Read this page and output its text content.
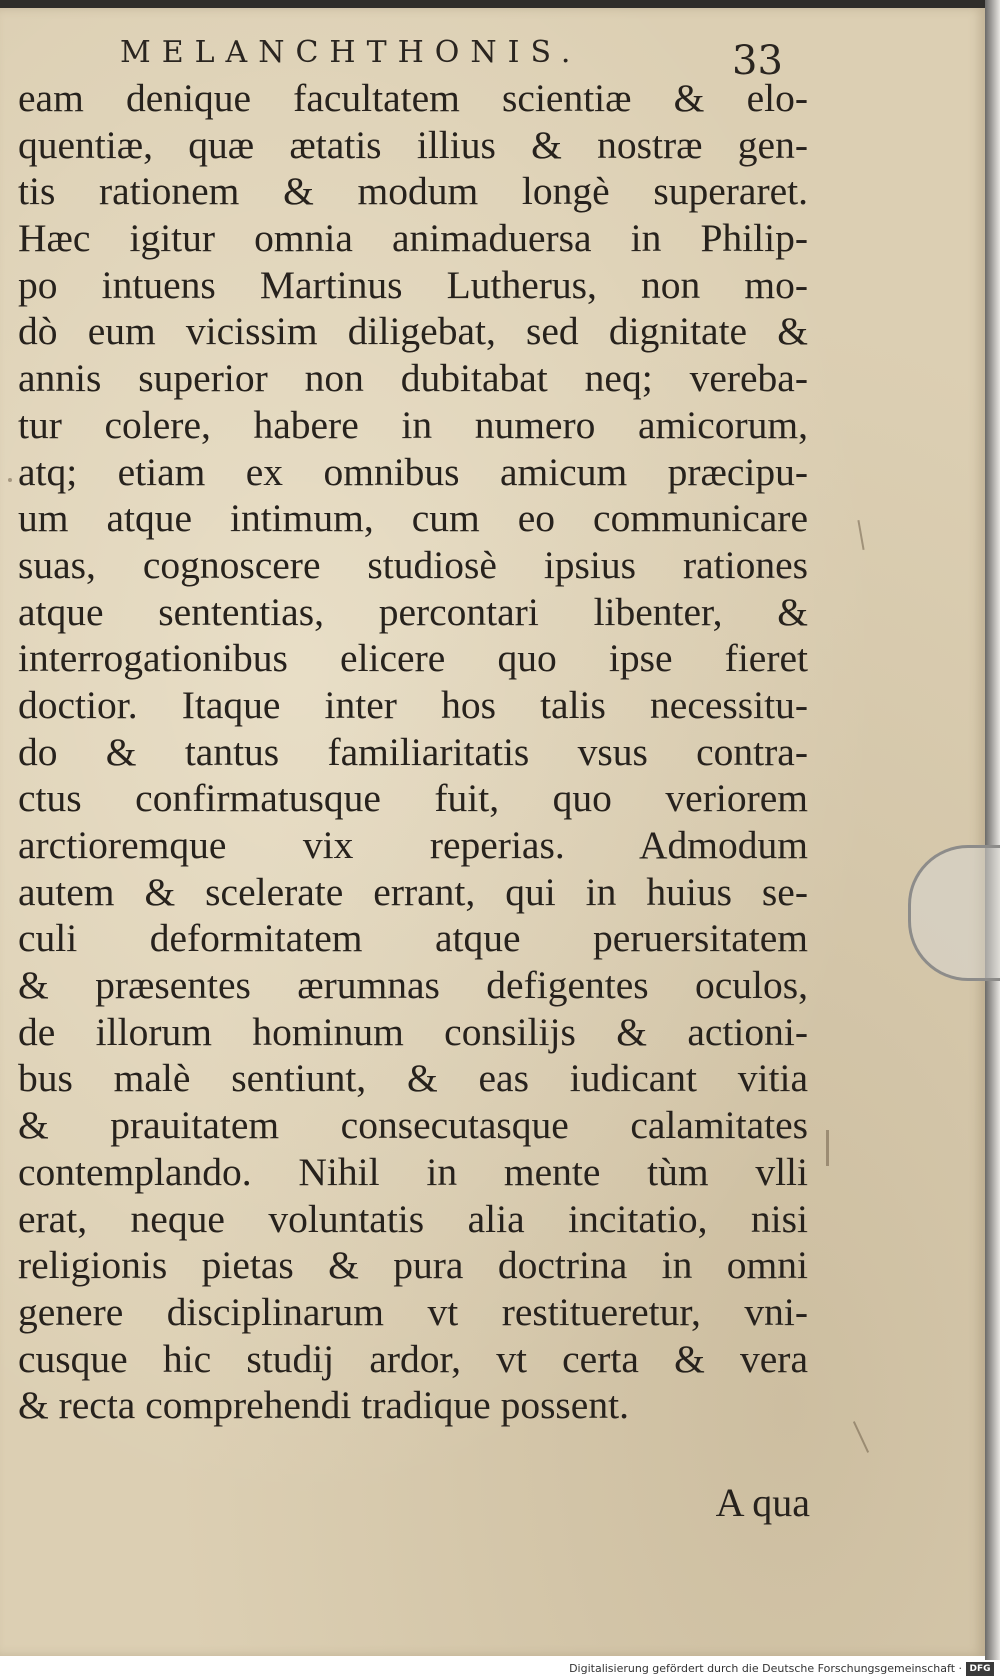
MELANCHTHONIS.	33
eam denique facultatem scientiæ & elo-
quentiæ, quæ ætatis illius & nostræ gen-
tis rationem & modum longè superaret.
Hæc igitur omnia animaduersa in Philip-
po intuens Martinus Lutherus, non mo-
dò eum vicissim diligebat, sed dignitate &
annis superior non dubitabat neq; vereba-
tur colere, habere in numero amicorum,
atq; etiam ex omnibus amicum præcipu-
um atque intimum, cum eo communicare
suas, cognoscere studiosè ipsius rationes
atque sententias, percontari libenter, &
interrogationibus elicere quo ipse fieret
doctior. Itaque inter hos talis necessitu-
do & tantus familiaritatis vsus contra-
ctus confirmatusque fuit, quo veriorem
arctioremque vix reperias. Admodum
autem & scelerate errant, qui in huius se-
culi deformitatem atque peruersitatem
& præsentes ærumnas defigentes oculos,
de illorum hominum consilijs & actioni-
bus malè sentiunt, & eas iudicant vitia
& prauitatem consecutasque calamitates
contemplando. Nihil in mente tùm vlli
erat, neque voluntatis alia incitatio, nisi
religionis pietas & pura doctrina in omni
genere disciplinarum vt restitueretur, vni-
cusque hic studij ardor, vt certa & vera
& recta comprehendi tradique possent.
A qua
Digitalisierung gefördert durch die Deutsche Forschungsgemeinschaft · DFG
